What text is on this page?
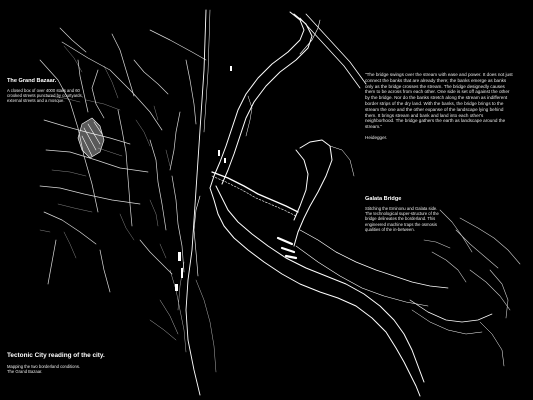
The Grand Bazaar.
A closed box of over 4000 stalls and 60 crooked streets punctured by courtyards, external streets and a mosque.
"The bridge swings over the stream with ease and power. It does not just connect the banks that are already there; the banks emerge as banks only as the bridge crosses the stream. The bridge designedly causes them to be across from each other. One side is set off against the other by the bridge. Nor do the banks stretch along the stream as indifferent border strips of the dry land. With the banks, the bridge brings to the stream the one and the other expanse of the landscape lying behind them. It brings stream and bank and land into each other's neighborhood. The bridge gathers the earth as landscape around the stream."
Heidegger.
Galata Bridge
Stitching the Eminonu and Galata side. The technological super-structure of the bridge delineates the borderland. This engineered machine traps the osmosis qualities of the in-between.
Tectonic City reading of the city.
Mapping the two borderland conditions.
The Grand Bazaar.
